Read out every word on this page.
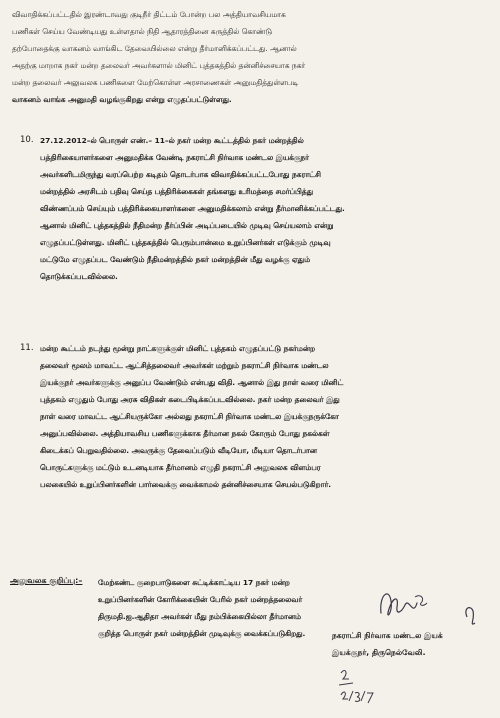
விவாதிக்கப்பட்டதில் இரண்டாவது குடிநீர் திட்டம் போன்ற பல அத்தியாவசியமாக
பணிகள் செய்ய வேண்டியது உள்ளதால் நிதி ஆதாரத்தினை கருத்தில் கொண்டு
தற்போதைக்கு வாகனம் வாங்கிட தேவையில்லை என்று தீர்மானிக்கப்பட்டது. ஆனால்
அதற்கு மாறாக நகர் மன்ற தலைவர் அவர்களால் மினிட் புத்தகத்தில் தன்னிச்சையாக நகர்
மன்ற தலைவர் அலுவலக பணிகளை மேற்கொள்ள அரசாணைகள் அனுமதித்துள்ளபடி
வாகனம் வாங்க அனுமதி வழங்குகிறது என்று எழுதப்பட்டுள்ளது.
10. 27.12.2012–ல் பொருள் எண்.– 11–ல் நகர் மன்ற கூட்டத்தில் நகர் மன்றத்தில்
பத்திரிகையாளர்களை அனுமதிக்க வேண்டி நகராட்சி நிர்வாக மண்டல இயக்குநர்
அவர்களிடமிருந்து வரப்பெற்ற கடிதம் தொடர்பாக விவாதிக்கப்பட்டபோது நகராட்சி
மன்றத்தில் அரசிடம் பதிவு செய்த பத்திரிக்கைகள் தங்களது உரிமத்தை சமர்ப்பித்து
விண்ணப்பம் செய்யும் பத்திரிக்கையாளர்களை அனுமதிக்கலாம் என்று தீர்மானிக்கப்பட்டது.
ஆனால் மினிட் புத்தகத்தில் நீதிமன்ற தீர்ப்பின் அடிப்படையில் முடிவு செய்யலாம் என்று
எழுதப்பட்டுள்ளது. மினிட் புத்தகத்தில் பெரும்பான்மை உறுப்பினர்கள் எடுக்கும் முடிவு
மட்டுமே எழுதப்பட வேண்டும் நீதிமன்றத்தில் நகர் மன்றத்தின் மீது வழக்கு ஏதும்
தொடுக்கப்படவில்லை.
11. மன்ற கூட்டம் நடந்து மூன்று நாட்களுக்குள் மினிட் புத்தகம் எழுதப்பட்டு நகர்மன்ற
தலைவர் மூலம் மாவட்ட ஆட்சித்தலைவர் அவர்கள் மற்றும் நகராட்சி நிர்வாக மண்டல
இயக்குநர் அவர்களுக்கு அனுப்ப வேண்டும் என்பது விதி. ஆனால் இது நாள் வரை மினிட்
புத்தகம் எழுதும் போது அரசு விதிகள் கடைபிடிக்கப்படவில்லை. நகர் மன்ற தலைவர் இது
நாள் வரை மாவட்ட ஆட்சியருக்கோ அல்லது நகராட்சி நிர்வாக மண்டல இயக்குநருக்கோ
அனுப்பவில்லை. அத்தியாவசிய பணிகளுக்காக தீர்மான நகல் கோரும் போது நகல்கள்
கிடைக்கப் பெறுவதில்லை. அவருக்கு தேவைப்படும் வீடியோ, மீடியா தொடர்பான
பொருட்களுக்கு மட்டும் உடனடியாக தீர்மானம் எழுதி நகராட்சி அலுவலக விளம்பர
பலகையில் உறுப்பினர்களின் பார்வைக்கு வைக்காமல் தன்னிச்சையாக செயல்படுகிறார்.
அலுவலக குறிப்பு:– மேற்கண்ட குறைபாடுகளை சுட்டிக்காட்டிய 17 நகர் மன்ற
உறுப்பினர்களின் கோரிக்கையின் பேரில் நகர் மன்றத்தலைவர்
திருமதி.ஐ.ஆதிதா அவர்கள் மீது நம்பிக்கையில்லா தீர்மானம்
குறித்த பொருள் நகர் மன்றத்தின் முடிவுக்கு வைக்கப்படுகிறது.	நகராட்சி நிர்வாக மண்டல இயக்
இயக்குநர், திருநெல்வேலி.
